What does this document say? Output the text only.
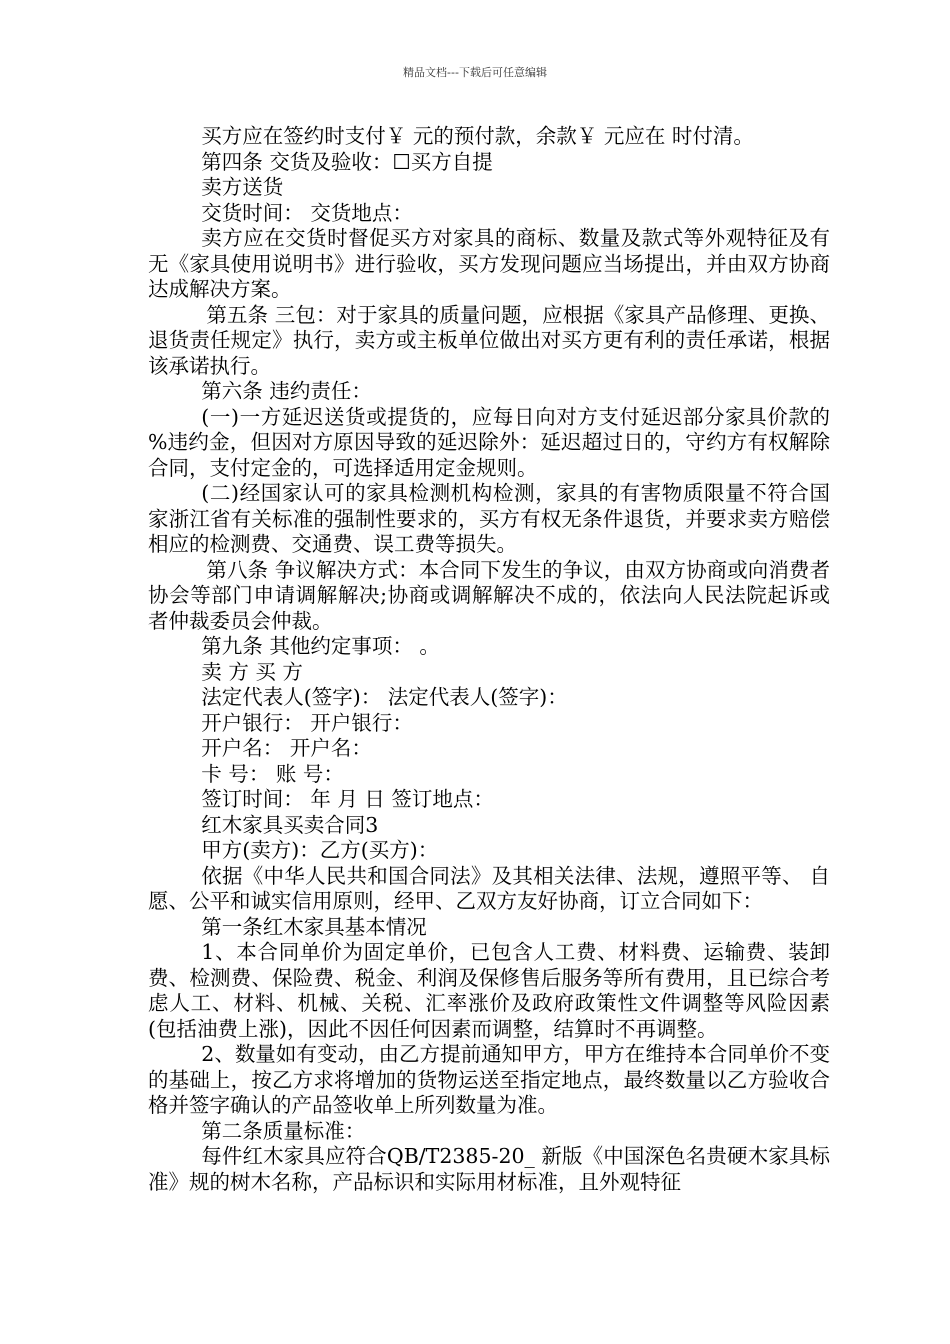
精品文档---下载后可任意编辑

买方应在签约时支付￥ 元的预付款，余款￥ 元应在 时付清。

第四条 交货及验收：☐买方自提

卖方送货

交货时间： 交货地点：

卖方应在交货时督促买方对家具的商标、数量及款式等外观特征及有无《家具使用说明书》进行验收，买方发现问题应当场提出，并由双方协商达成解决方案。

第五条 三包：对于家具的质量问题，应根据《家具产品修理、更换、退货责任规定》执行，卖方或主板单位做出对买方更有利的责任承诺，根据该承诺执行。

第六条 违约责任：

(一)一方延迟送货或提货的，应每日向对方支付延迟部分家具价款的 %违约金，但因对方原因导致的延迟除外：延迟超过日的，守约方有权解除合同，支付定金的，可选择适用定金规则。

(二)经国家认可的家具检测机构检测，家具的有害物质限量不符合国家浙江省有关标准的强制性要求的，买方有权无条件退货，并要求卖方赔偿相应的检测费、交通费、误工费等损失。

第八条 争议解决方式：本合同下发生的争议，由双方协商或向消费者协会等部门申请调解解决;协商或调解解决不成的，依法向人民法院起诉或者仲裁委员会仲裁。

第九条 其他约定事项： 。

卖 方 买 方

法定代表人(签字)： 法定代表人(签字)：

开户银行： 开户银行：

开户名： 开户名：

卡 号： 账 号：

签订时间： 年 月 日 签订地点：

红木家具买卖合同3

甲方(卖方)：乙方(买方)：

依据《中华人民共和国合同法》及其相关法律、法规，遵照平等、 自愿、公平和诚实信用原则，经甲、乙双方友好协商，订立合同如下：

第一条红木家具基本情况

1、本合同单价为固定单价，已包含人工费、材料费、运输费、装卸费、检测费、保险费、税金、利润及保修售后服务等所有费用，且已综合考虑人工、材料、机械、关税、汇率涨价及政府政策性文件调整等风险因素(包括油费上涨)，因此不因任何因素而调整，结算时不再调整。

2、数量如有变动，由乙方提前通知甲方，甲方在维持本合同单价不变的基础上，按乙方求将增加的货物运送至指定地点，最终数量以乙方验收合格并签字确认的产品签收单上所列数量为准。

第二条质量标准：

每件红木家具应符合QB/T2385-20_ 新版《中国深色名贵硬木家具标准》规的树木名称，产品标识和实际用材标准，且外观特征
